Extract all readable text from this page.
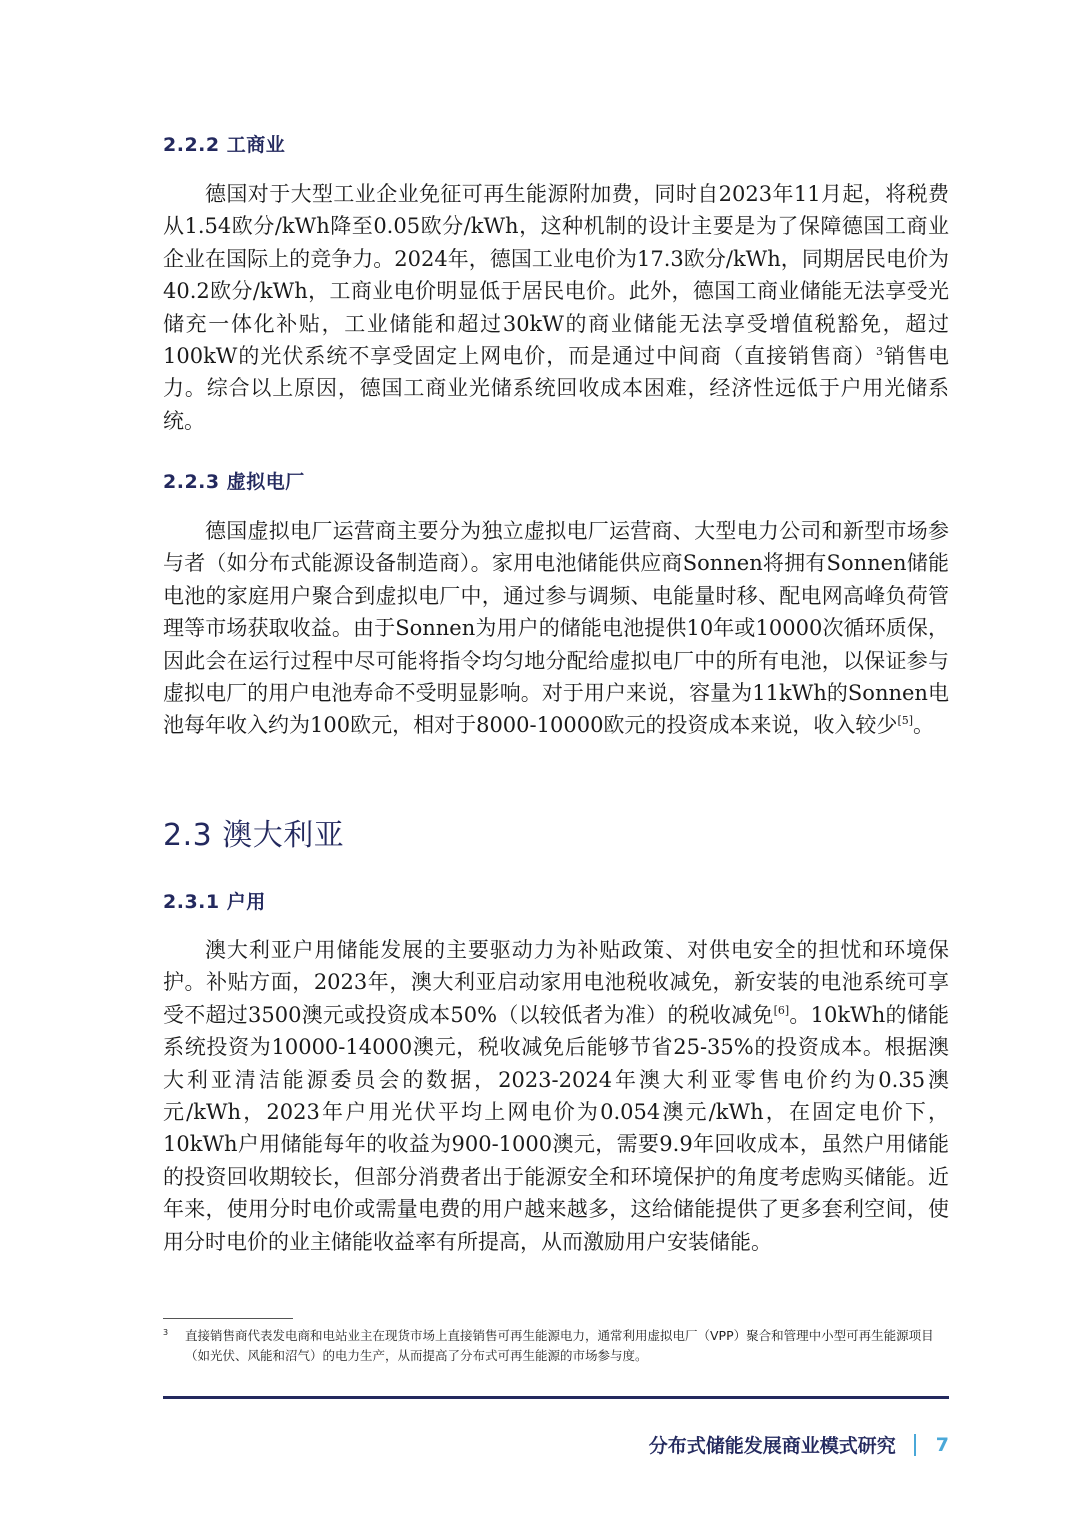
2.2.2 工商业

德国对于大型工业企业免征可再生能源附加费，同时自2023年11月起，将税费从1.54欧分/kWh降至0.05欧分/kWh，这种机制的设计主要是为了保障德国工商业企业在国际上的竞争力。2024年，德国工业电价为17.3欧分/kWh，同期居民电价为40.2欧分/kWh，工商业电价明显低于居民电价。此外，德国工商业储能无法享受光储充一体化补贴，工业储能和超过30kW的商业储能无法享受增值税豁免，超过100kW的光伏系统不享受固定上网电价，而是通过中间商（直接销售商）$^3$销售电力。综合以上原因，德国工商业光储系统回收成本困难，经济性远低于户用光储系统。

2.2.3 虚拟电厂

德国虚拟电厂运营商主要分为独立虚拟电厂运营商、大型电力公司和新型市场参与者（如分布式能源设备制造商）。家用电池储能供应商Sonnen将拥有Sonnen储能电池的家庭用户聚合到虚拟电厂中，通过参与调频、电能量时移、配电网高峰负荷管理等市场获取收益。由于Sonnen为用户的储能电池提供10年或10000次循环质保，因此会在运行过程中尽可能将指令均匀地分配给虚拟电厂中的所有电池，以保证参与虚拟电厂的用户电池寿命不受明显影响。对于用户来说，容量为11kWh的Sonnen电池每年收入约为100欧元，相对于8000-10000欧元的投资成本来说，收入较少[5]。

2.3 澳大利亚
2.3.1 户用

澳大利亚户用储能发展的主要驱动力为补贴政策、对供电安全的担忧和环境保护。补贴方面，2023年，澳大利亚启动家用电池税收减免，新安装的电池系统可享受不超过3500澳元或投资成本50%（以较低者为准）的税收减免[6]。10kWh的储能系统投资为10000-14000澳元，税收减免后能够节省25-35%的投资成本。根据澳大利亚清洁能源委员会的数据，2023-2024年澳大利亚零售电价约为0.35澳元/kWh，2023年户用光伏平均上网电价为0.054澳元/kWh，在固定电价下，10kWh户用储能每年的收益为900-1000澳元，需要9.9年回收成本，虽然户用储能的投资回收期较长，但部分消费者出于能源安全和环境保护的角度考虑购买储能。近年来，使用分时电价或需量电费的用户越来越多，这给储能提供了更多套利空间，使用分时电价的业主储能收益率有所提高，从而激励用户安装储能。

3	直接销售商代表发电商和电站业主在现货市场上直接销售可再生能源电力，通常利用虚拟电厂（VPP）聚合和管理中小型可再生能源项目（如光伏、风能和沼气）的电力生产，从而提高了分布式可再生能源的市场参与度。
分布式储能发展商业模式研究 7
